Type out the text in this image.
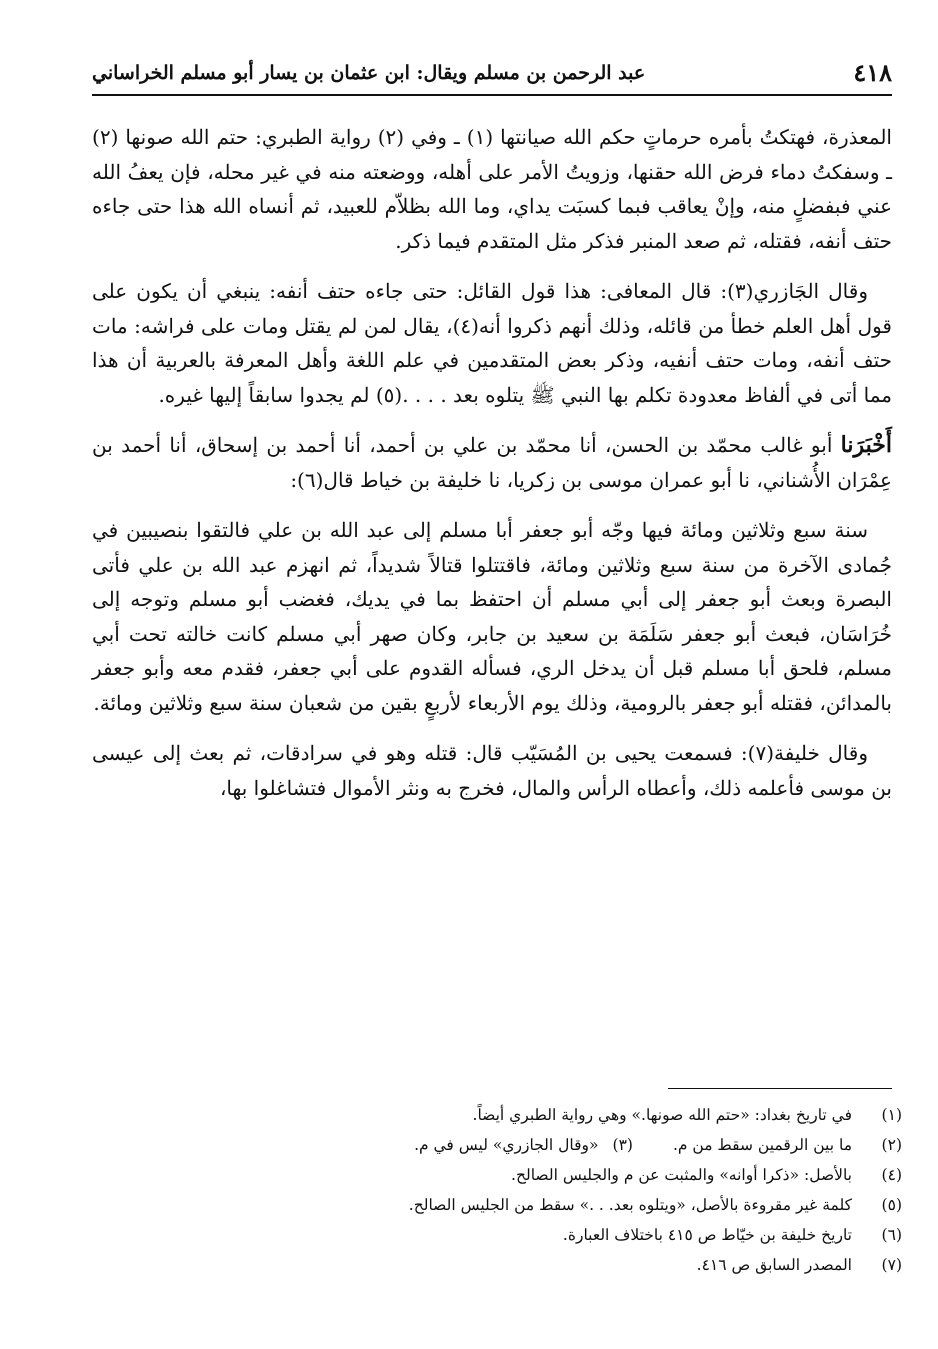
٤١٨
عبد الرحمن بن مسلم ويقال: ابن عثمان بن يسار أبو مسلم الخراساني

المعذرة، فهتكتُ بأمره حرماتٍ حكم الله صيانتها (١) ـ وفي (٢) رواية الطبري: حتم الله صونها (٢) ـ وسفكتُ دماء فرض الله حقنها، وزويتُ الأمر على أهله، ووضعته منه في غير محله، فإن يعفُ الله عني فبفضلٍ منه، وإنْ يعاقب فبما كسبَت يداي، وما الله بظلاّم للعبيد، ثم أنساه الله هذا حتى جاءه حتف أنفه، فقتله، ثم صعد المنبر فذكر مثل المتقدم فيما ذكر.

وقال الجَازري(٣): قال المعافى: هذا قول القائل: حتى جاءه حتف أنفه: ينبغي أن يكون على قول أهل العلم خطأ من قائله، وذلك أنهم ذكروا أنه(٤)، يقال لمن لم يقتل ومات على فراشه: مات حتف أنفه، ومات حتف أنفيه، وذكر بعض المتقدمين في علم اللغة وأهل المعرفة بالعربية أن هذا مما أتى في ألفاظ معدودة تكلم بها النبي ﷺ يتلوه بعد . . . .(٥) لم يجدوا سابقاً إليها غيره.

أَخْبَرَنا أبو غالب محمّد بن الحسن، أنا محمّد بن علي بن أحمد، أنا أحمد بن إسحاق، أنا أحمد بن عِمْرَان الأُشناني، نا أبو عمران موسى بن زكريا، نا خليفة بن خياط قال(٦):

سنة سبع وثلاثين ومائة فيها وجّه أبو جعفر أبا مسلم إلى عبد الله بن علي فالتقوا بنصيبين في جُمادى الآخرة من سنة سبع وثلاثين ومائة، فاقتتلوا قتالاً شديداً، ثم انهزم عبد الله بن علي فأتى البصرة وبعث أبو جعفر إلى أبي مسلم أن احتفظ بما في يديك، فغضب أبو مسلم وتوجه إلى خُرَاسَان، فبعث أبو جعفر سَلَمَة بن سعيد بن جابر، وكان صهر أبي مسلم كانت خالته تحت أبي مسلم، فلحق أبا مسلم قبل أن يدخل الري، فسأله القدوم على أبي جعفر، فقدم معه وأبو جعفر بالمدائن، فقتله أبو جعفر بالرومية، وذلك يوم الأربعاء لأربعٍ بقين من شعبان سنة سبع وثلاثين ومائة.

وقال خليفة(٧): فسمعت يحيى بن المُسَيّب قال: قتله وهو في سرادقات، ثم بعث إلى عيسى بن موسى فأعلمه ذلك، وأعطاه الرأس والمال، فخرج به ونثر الأموال فتشاغلوا بها،

(١)
في تاريخ بغداد: «حتم الله صونها.» وهي رواية الطبري أيضاً.
(٢)
ما بين الرقمين سقط من م.
(٣)
«وقال الجازري» ليس في م.
(٤)
بالأصل: «ذكرا أوانه» والمثبت عن م والجليس الصالح.
(٥)
كلمة غير مقروءة بالأصل، «ويتلوه بعد. . .» سقط من الجليس الصالح.
(٦)
تاريخ خليفة بن خيّاط ص ٤١٥ باختلاف العبارة.
(٧)
المصدر السابق ص ٤١٦.
